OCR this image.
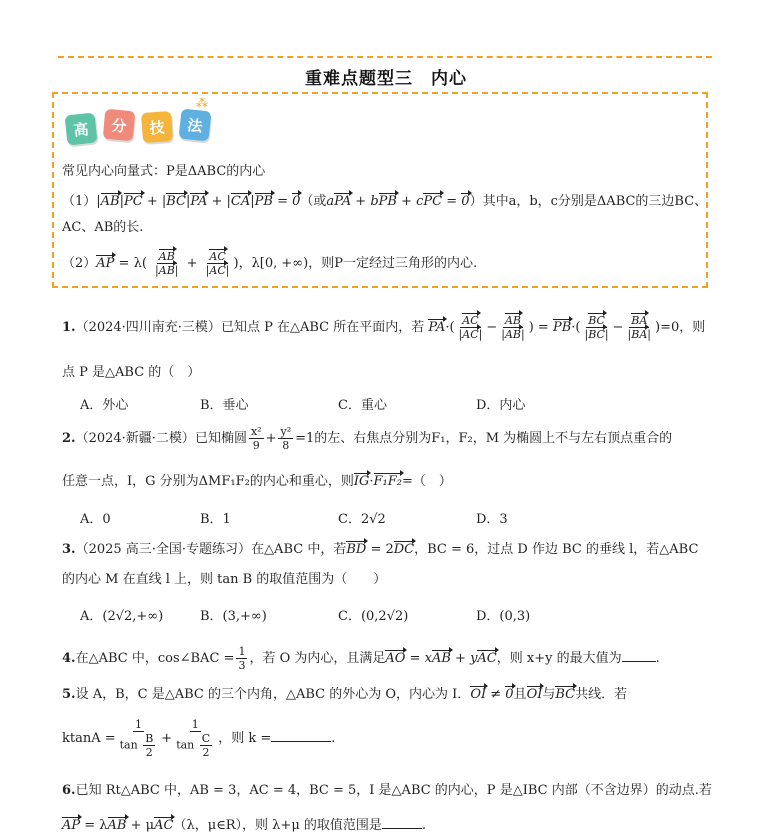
重难点题型三　内心
高	分	技	法
⁂
常见内心向量式：P是ΔABC的内心
（1）|AB|PC + |BC|PA + |CA|PB = 0（或aPA + bPB + cPC = 0）其中a，b，c分别是ΔABC的三边BC、
AC、AB的长.
$(2)AP = \lambda( \frac{AB}{|AB|} + \frac{AC}{|AC|}$ )，λ[0, +∞)，则P一定经过三角形的内心.
1.（2024·四川南充·三模）已知点 P 在△ABC 所在平面内，若 $PA\cdot( \frac{AC}{|AC|} - \frac{AB}{|AB|}$ ) = $PB\cdot( \frac{BC}{|BC|} - \frac{BA}{|BA|} )=0$，则
点 P 是△ABC 的（　）
A．外心	B．垂心	C．重心	D．内心
2.（2024·新疆·二模）已知椭圆 $\frac{\text{x²}}{9} + \frac{\text{y²}}{8} =1$的左、右焦点分别为F₁，F₂，M 为椭圆上不与左右顶点重合的
任意一点，I，G 分别为ΔMF₁F₂的内心和重心，则IG·F₁F₂=（　）
A．0	B．1	C．2√2	D．3
3.（2025 高三·全国·专题练习）在△ABC 中，若BD = 2DC，BC = 6，过点 D 作边 BC 的垂线 l，若△ABC
的内心 M 在直线 l 上，则 tan B 的取值范围为（　　）
A．(2√2,+∞)	B．(3,+∞)	C．(0,2√2)	D．(0,3)
4.在△ABC 中，cos∠BAC = $\frac{1}{3}$ ，若 O 为内心，且满足AO = xAB + yAC，则 x+y 的最大值为	.
5.设 A，B，C 是△ABC 的三个内角，△ABC 的外心为 O，内心为 I．OI ≠ 0且OI与BC共线．若
$ktanA = \frac{1}{\tan \frac{B}{2}} + \frac{1}{\tan \frac{C}{2}}$ ，则 k =	.
6.已知 Rt△ABC 中，AB = 3，AC = 4，BC = 5，I 是△ABC 的内心，P 是△IBC 内部（不含边界）的动点.若
AP = λAB + μAC（λ，μ∈R），则 λ+μ 的取值范围是	.
